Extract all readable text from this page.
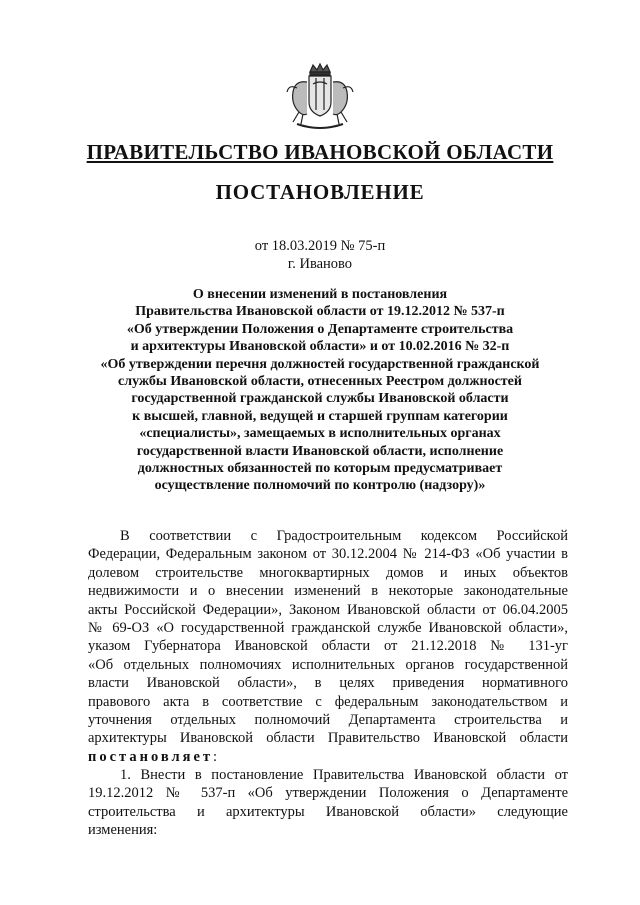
ПРАВИТЕЛЬСТВО ИВАНОВСКОЙ ОБЛАСТИ
ПОСТАНОВЛЕНИЕ
от 18.03.2019 № 75-п
г. Иваново
О внесении изменений в постановления
Правительства Ивановской области от 19.12.2012 № 537-п
«Об утверждении Положения о Департаменте строительства
и архитектуры Ивановской области» и от 10.02.2016 № 32-п
«Об утверждении перечня должностей государственной гражданской
службы Ивановской области, отнесенных Реестром должностей
государственной гражданской службы Ивановской области
к высшей, главной, ведущей и старшей группам категории
«специалисты», замещаемых в исполнительных органах
государственной власти Ивановской области, исполнение
должностных обязанностей по которым предусматривает
осуществление полномочий по контролю (надзору)»
В соответствии с Градостроительным кодексом Российской
Федерации, Федеральным законом от 30.12.2004 № 214-ФЗ «Об участии в
долевом строительстве многоквартирных домов и иных объектов
недвижимости и о внесении изменений в некоторые законодательные
акты Российской Федерации», Законом Ивановской области от 06.04.2005
№ 69-ОЗ «О государственной гражданской службе Ивановской области»,
указом Губернатора Ивановской области от 21.12.2018 № 131-уг
«Об отдельных полномочиях исполнительных органов государственной
власти Ивановской области», в целях приведения нормативного
правового акта в соответствие с федеральным законодательством и
уточнения отдельных полномочий Департамента строительства и
архитектуры Ивановской области Правительство Ивановской области
постановляет:
1. Внести в постановление Правительства Ивановской области от
19.12.2012 № 537-п «Об утверждении Положения о Департаменте
строительства и архитектуры Ивановской области» следующие
изменения:
